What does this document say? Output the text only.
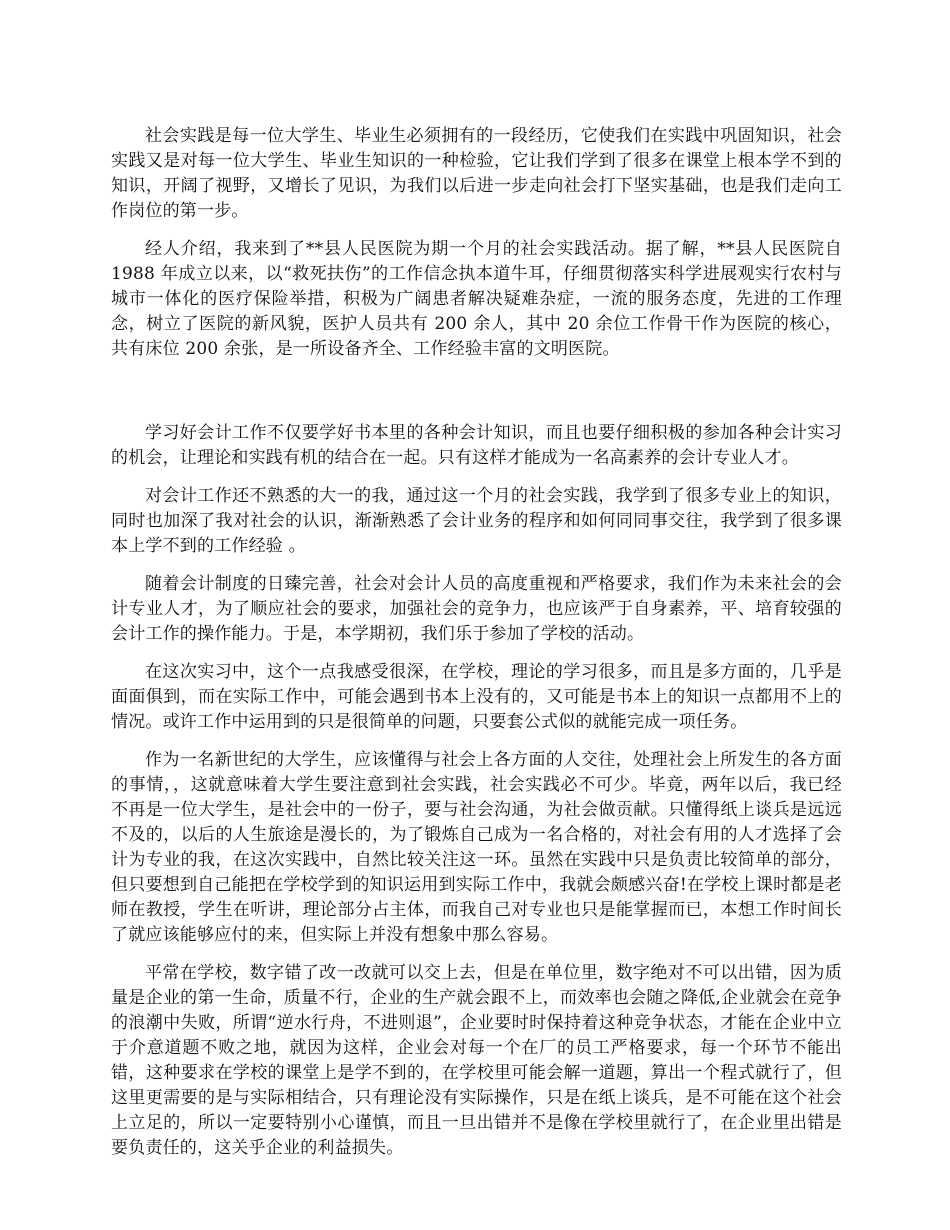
社会实践是每一位大学生、毕业生必须拥有的一段经历，它使我们在实践中巩固知识，社会实践又是对每一位大学生、毕业生知识的一种检验，它让我们学到了很多在课堂上根本学不到的知识，开阔了视野，又增长了见识，为我们以后进一步走向社会打下坚实基础，也是我们走向工作岗位的第一步。

经人介绍，我来到了**县人民医院为期一个月的社会实践活动。据了解，**县人民医院自 1988 年成立以来，以“救死扶伤”的工作信念执本道牛耳，仔细贯彻落实科学进展观实行农村与城市一体化的医疗保险举措，积极为广阔患者解决疑难杂症，一流的服务态度，先进的工作理念，树立了医院的新风貌，医护人员共有 200 余人，其中 20 余位工作骨干作为医院的核心，共有床位 200 余张，是一所设备齐全、工作经验丰富的文明医院。

学习好会计工作不仅要学好书本里的各种会计知识，而且也要仔细积极的参加各种会计实习的机会，让理论和实践有机的结合在一起。只有这样才能成为一名高素养的会计专业人才。

对会计工作还不熟悉的大一的我，通过这一个月的社会实践，我学到了很多专业上的知识，同时也加深了我对社会的认识，渐渐熟悉了会计业务的程序和如何同同事交往，我学到了很多课本上学不到的工作经验 。

随着会计制度的日臻完善，社会对会计人员的高度重视和严格要求，我们作为未来社会的会计专业人才，为了顺应社会的要求，加强社会的竞争力，也应该严于自身素养，平、培育较强的会计工作的操作能力。于是，本学期初，我们乐于参加了学校的活动。

在这次实习中，这个一点我感受很深，在学校，理论的学习很多，而且是多方面的，几乎是面面俱到，而在实际工作中，可能会遇到书本上没有的，又可能是书本上的知识一点都用不上的情况。或许工作中运用到的只是很简单的问题，只要套公式似的就能完成一项任务。

作为一名新世纪的大学生，应该懂得与社会上各方面的人交往，处理社会上所发生的各方面的事情，，这就意味着大学生要注意到社会实践，社会实践必不可少。毕竟，两年以后，我已经不再是一位大学生，是社会中的一份子，要与社会沟通，为社会做贡献。只懂得纸上谈兵是远远不及的，以后的人生旅途是漫长的，为了锻炼自己成为一名合格的，对社会有用的人才选择了会计为专业的我，在这次实践中，自然比较关注这一环。虽然在实践中只是负责比较简单的部分，但只要想到自己能把在学校学到的知识运用到实际工作中，我就会颇感兴奋!在学校上课时都是老师在教授，学生在听讲，理论部分占主体，而我自己对专业也只是能掌握而已，本想工作时间长了就应该能够应付的来，但实际上并没有想象中那么容易。

平常在学校，数字错了改一改就可以交上去，但是在单位里，数字绝对不可以出错，因为质量是企业的第一生命，质量不行，企业的生产就会跟不上，而效率也会随之降低,企业就会在竞争的浪潮中失败，所谓“逆水行舟，不进则退”，企业要时时保持着这种竞争状态，才能在企业中立于介意道题不败之地，就因为这样，企业会对每一个在厂的员工严格要求，每一个环节不能出错，这种要求在学校的课堂上是学不到的，在学校里可能会解一道题，算出一个程式就行了，但这里更需要的是与实际相结合，只有理论没有实际操作，只是在纸上谈兵，是不可能在这个社会上立足的，所以一定要特别小心谨慎，而且一旦出错并不是像在学校里就行了，在企业里出错是要负责任的，这关乎企业的利益损失。
